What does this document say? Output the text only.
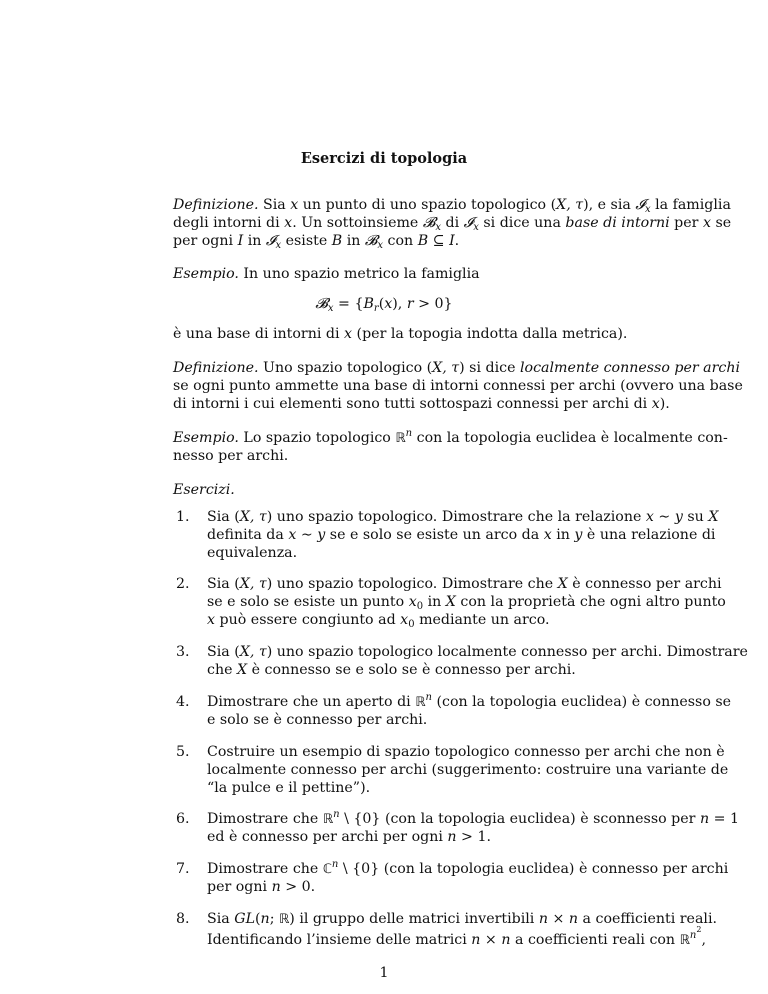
Esercizi di topologia
Definizione. Sia x un punto di uno spazio topologico (X, τ), e sia 𝓘$_x$ la famiglia
degli intorni di x. Un sottoinsieme 𝓑$_x$ di 𝓘$_x$ si dice una base di intorni per x se
per ogni I in 𝓘$_x$ esiste B in 𝓑$_x$ con B ⊆ I.
Esempio. In uno spazio metrico la famiglia
𝓑$_x$ = {$B_r(x)$, r > 0}
è una base di intorni di x (per la topogia indotta dalla metrica).
Definizione. Uno spazio topologico (X, τ) si dice localmente connesso per archi
se ogni punto ammette una base di intorni connessi per archi (ovvero una base
di intorni i cui elementi sono tutti sottospazi connessi per archi di x).
Esempio. Lo spazio topologico ℝ$^n$ con la topologia euclidea è localmente con-
nesso per archi.
Esercizi.
1. Sia (X, τ) uno spazio topologico. Dimostrare che la relazione x ∼ y su X
definita da x ∼ y se e solo se esiste un arco da x in y è una relazione di
equivalenza.
2. Sia (X, τ) uno spazio topologico. Dimostrare che X è connesso per archi
se e solo se esiste un punto $x_0$ in X con la proprietà che ogni altro punto
x può essere congiunto ad $x_0$ mediante un arco.
3. Sia (X, τ) uno spazio topologico localmente connesso per archi. Dimostrare
che X è connesso se e solo se è connesso per archi.
4. Dimostrare che un aperto di ℝ$^n$ (con la topologia euclidea) è connesso se
e solo se è connesso per archi.
5. Costruire un esempio di spazio topologico connesso per archi che non è
localmente connesso per archi (suggerimento: costruire una variante de
“la pulce e il pettine”).
6. Dimostrare che ℝ$^n$ \ {0} (con la topologia euclidea) è sconnesso per n = 1
ed è connesso per archi per ogni n > 1.
7. Dimostrare che ℂ$^n$ \ {0} (con la topologia euclidea) è connesso per archi
per ogni n > 0.
8. Sia GL(n; ℝ) il gruppo delle matrici invertibili n × n a coefficienti reali.
Identificando l’insieme delle matrici n × n a coefficienti reali con ℝ$^{n^2}$,
1
